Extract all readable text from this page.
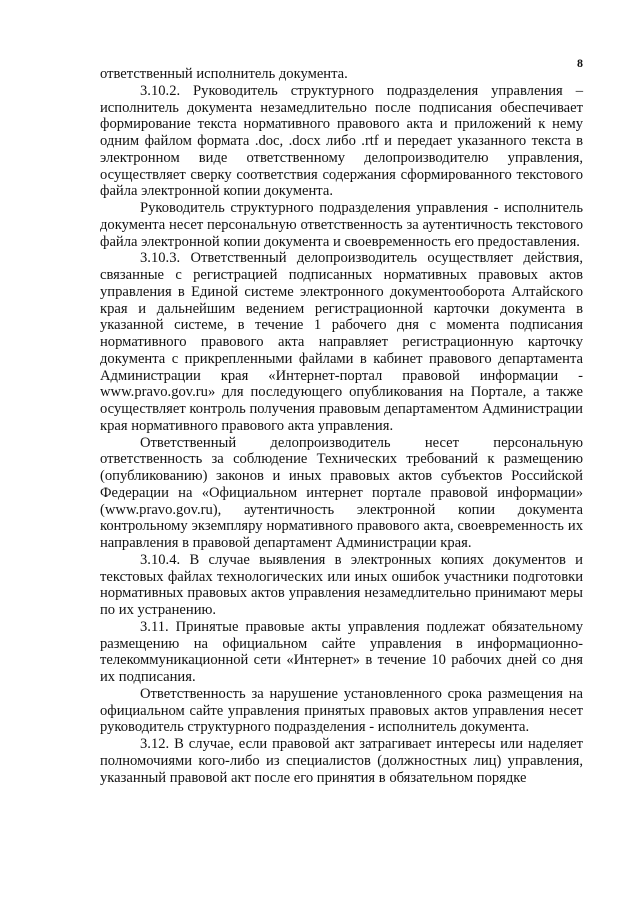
8

ответственный исполнитель документа.

3.10.2. Руководитель структурного подразделения управления – исполнитель документа незамедлительно после подписания обеспечивает формирование текста нормативного правового акта и приложений к нему одним файлом формата .doc, .docx либо .rtf и передает указанного текста в электронном виде ответственному делопроизводителю управления, осуществляет сверку соответствия содержания сформированного текстового файла электронной копии документа.

Руководитель структурного подразделения управления - исполнитель документа несет персональную ответственность за аутентичность текстового файла электронной копии документа и своевременность его предоставления.

3.10.3. Ответственный делопроизводитель осуществляет действия, связанные с регистрацией подписанных нормативных правовых актов управления в Единой системе электронного документооборота Алтайского края и дальнейшим ведением регистрационной карточки документа в указанной системе, в течение 1 рабочего дня с момента подписания нормативного правового акта направляет регистрационную карточку документа с прикрепленными файлами в кабинет правового департамента Администрации края «Интернет-портал правовой информации - www.pravo.gov.ru» для последующего опубликования на Портале, а также осуществляет контроль получения правовым департаментом Администрации края нормативного правового акта управления.

Ответственный делопроизводитель несет персональную ответственность за соблюдение Технических требований к размещению (опубликованию) законов и иных правовых актов субъектов Российской Федерации на «Официальном интернет портале правовой информации» (www.pravo.gov.ru), аутентичность электронной копии документа контрольному экземпляру нормативного правового акта, своевременность их направления в правовой департамент Администрации края.

3.10.4. В случае выявления в электронных копиях документов и текстовых файлах технологических или иных ошибок участники подготовки нормативных правовых актов управления незамедлительно принимают меры по их устранению.

3.11. Принятые правовые акты управления подлежат обязательному размещению на официальном сайте управления в информационно-телекоммуникационной сети «Интернет» в течение 10 рабочих дней со дня их подписания.

Ответственность за нарушение установленного срока размещения на официальном сайте управления принятых правовых актов управления несет руководитель структурного подразделения - исполнитель документа.

3.12. В случае, если правовой акт затрагивает интересы или наделяет полномочиями кого-либо из специалистов (должностных лиц) управления, указанный правовой акт после его принятия в обязательном порядке
